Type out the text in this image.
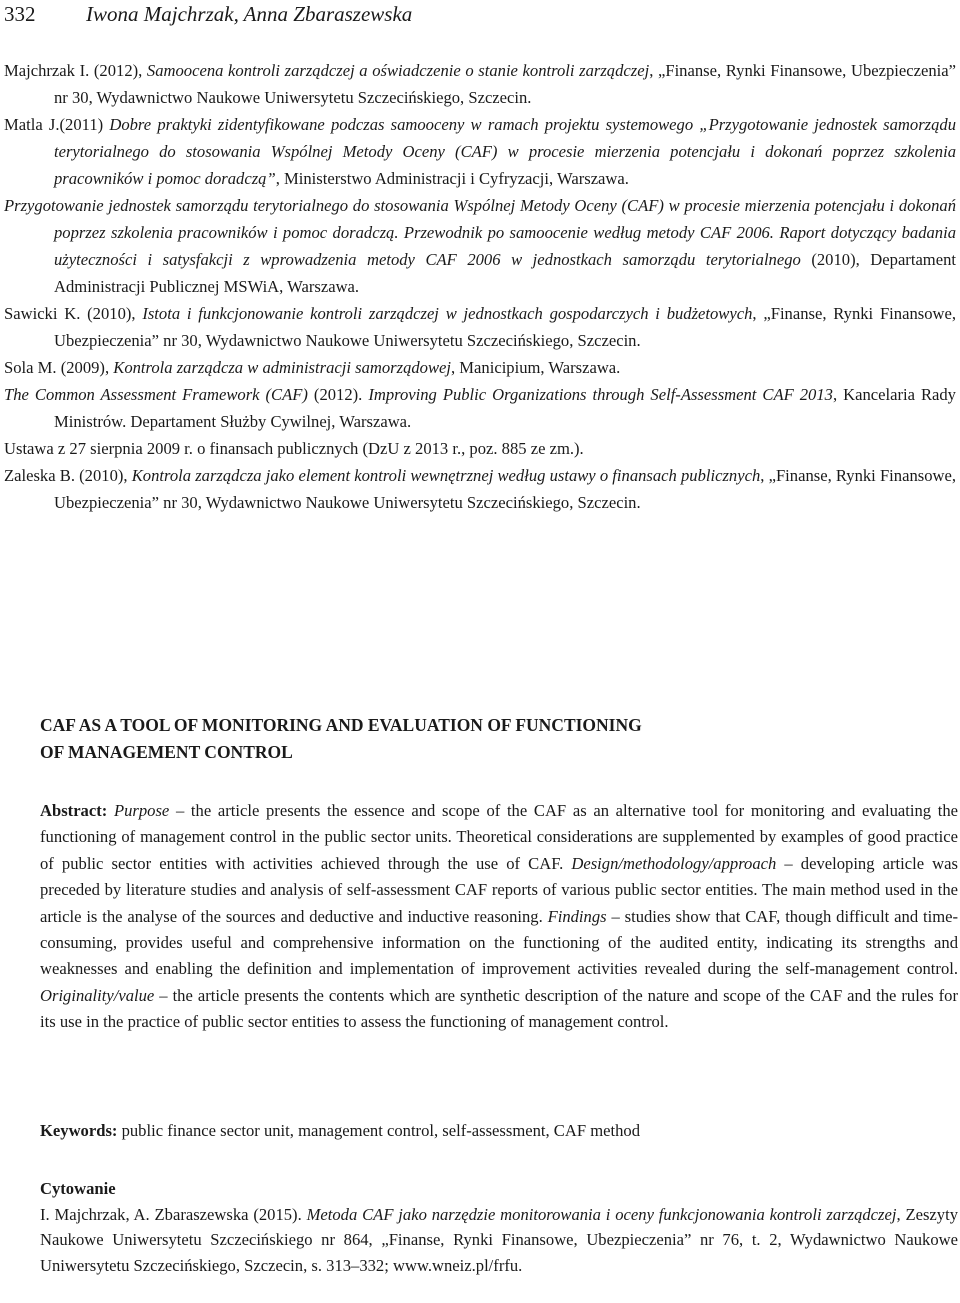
332 Iwona Majchrzak, Anna Zbaraszewska

Majchrzak I. (2012), Samoocena kontroli zarządczej a oświadczenie o stanie kontroli zarządczej, „Finanse, Rynki Finansowe, Ubezpieczenia” nr 30, Wydawnictwo Naukowe Uniwersytetu Szczecińskiego, Szczecin.

Matla J.(2011) Dobre praktyki zidentyfikowane podczas samooceny w ramach projektu systemowego „Przygotowanie jednostek samorządu terytorialnego do stosowania Wspólnej Metody Oceny (CAF) w procesie mierzenia potencjału i dokonań poprzez szkolenia pracowników i pomoc doradczą”, Ministerstwo Administracji i Cyfryzacji, Warszawa.

Przygotowanie jednostek samorządu terytorialnego do stosowania Wspólnej Metody Oceny (CAF) w procesie mierzenia potencjału i dokonań poprzez szkolenia pracowników i pomoc doradczą. Przewodnik po samoocenie według metody CAF 2006. Raport dotyczący badania użyteczności i satysfakcji z wprowadzenia metody CAF 2006 w jednostkach samorządu terytorialnego (2010), Departament Administracji Publicznej MSWiA, Warszawa.

Sawicki K. (2010), Istota i funkcjonowanie kontroli zarządczej w jednostkach gospodarczych i budżetowych, „Finanse, Rynki Finansowe, Ubezpieczenia” nr 30, Wydawnictwo Naukowe Uniwersytetu Szczecińskiego, Szczecin.

Sola M. (2009), Kontrola zarządcza w administracji samorządowej, Manicipium, Warszawa.

The Common Assessment Framework (CAF) (2012). Improving Public Organizations through Self-Assessment CAF 2013, Kancelaria Rady Ministrów. Departament Służby Cywilnej, Warszawa.

Ustawa z 27 sierpnia 2009 r. o finansach publicznych (DzU z 2013 r., poz. 885 ze zm.).

Zaleska B. (2010), Kontrola zarządcza jako element kontroli wewnętrznej według ustawy o finansach publicznych, „Finanse, Rynki Finansowe, Ubezpieczenia” nr 30, Wydawnictwo Naukowe Uniwersytetu Szczecińskiego, Szczecin.

CAF AS A TOOL OF MONITORING AND EVALUATION OF FUNCTIONING
OF MANAGEMENT CONTROL

Abstract: Purpose – the article presents the essence and scope of the CAF as an alternative tool for monitoring and evaluating the functioning of management control in the public sector units. Theoretical considerations are supplemented by examples of good practice of public sector entities with activities achieved through the use of CAF. Design/methodology/approach – developing article was preceded by literature studies and analysis of self-assessment CAF reports of various public sector entities. The main method used in the article is the analyse of the sources and deductive and inductive reasoning. Findings – studies show that CAF, though difficult and time-consuming, provides useful and comprehensive information on the functioning of the audited entity, indicating its strengths and weaknesses and enabling the definition and implementation of improvement activities revealed during the self-management control. Originality/value – the article presents the contents which are synthetic description of the nature and scope of the CAF and the rules for its use in the practice of public sector entities to assess the functioning of management control.

Keywords: public finance sector unit, management control, self-assessment, CAF method

Cytowanie

I. Majchrzak, A. Zbaraszewska (2015). Metoda CAF jako narzędzie monitorowania i oceny funkcjonowania kontroli zarządczej, Zeszyty Naukowe Uniwersytetu Szczecińskiego nr 864, „Finanse, Rynki Finansowe, Ubezpieczenia” nr 76, t. 2, Wydawnictwo Naukowe Uniwersytetu Szczecińskiego, Szczecin, s. 313–332; www.wneiz.pl/frfu.
